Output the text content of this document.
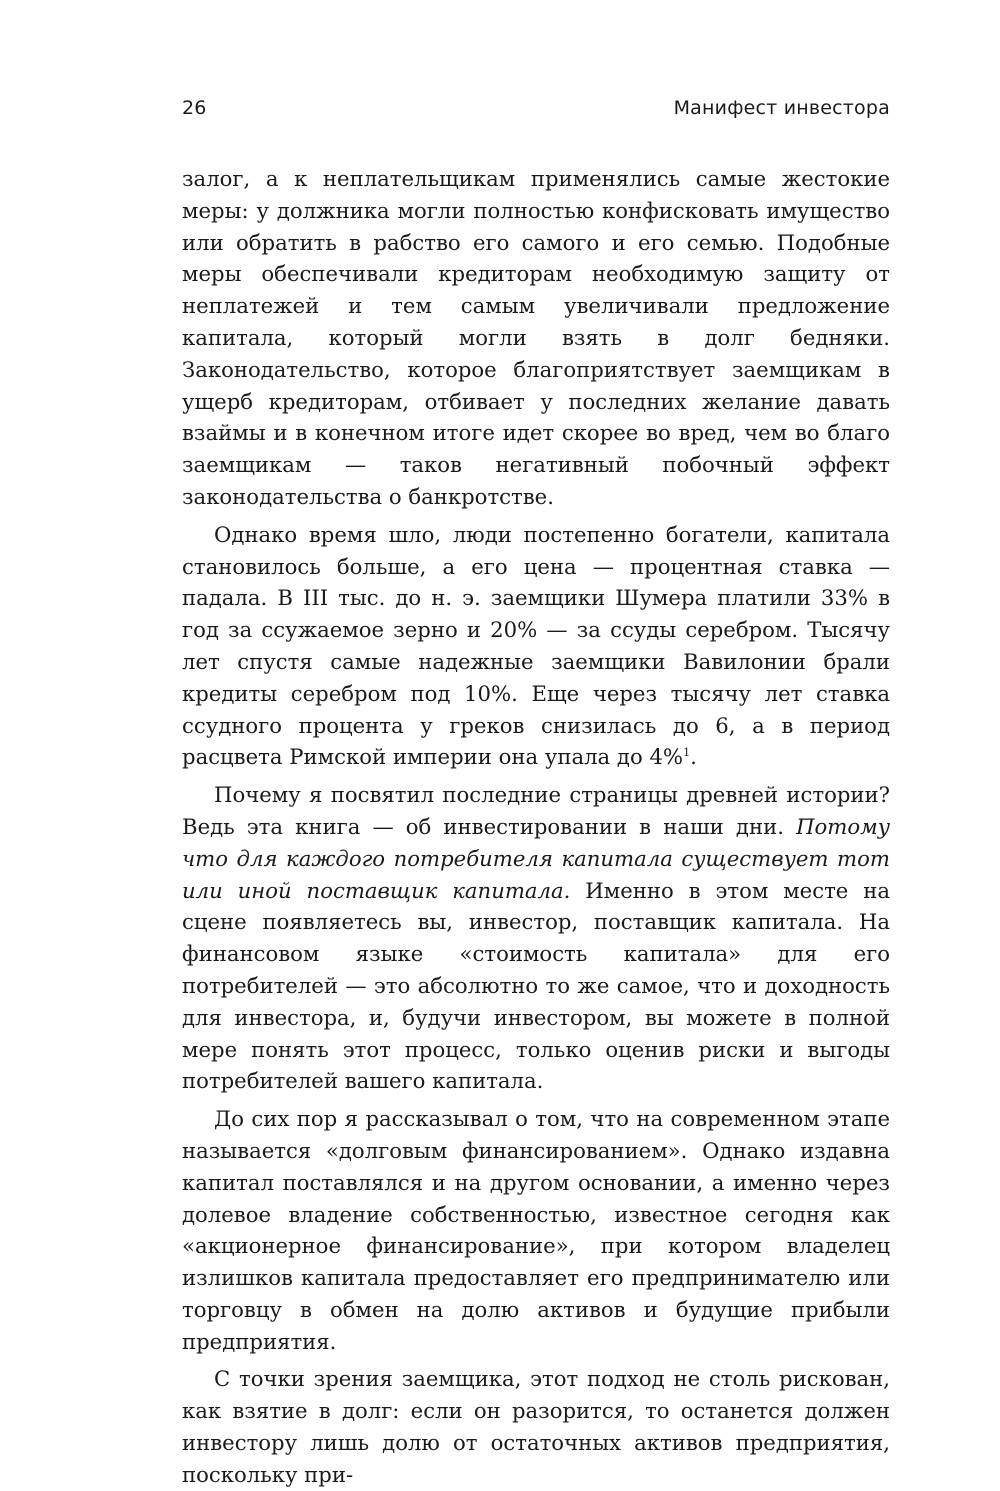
26	Манифест инвестора

залог, а к неплательщикам применялись самые жестокие меры: у должника могли полностью конфисковать имущество или обратить в рабство его самого и его семью. Подобные меры обеспечивали кредиторам необходимую защиту от неплатежей и тем самым увеличивали предложение капитала, который могли взять в долг бедняки. Законодательство, которое благоприятствует заемщикам в ущерб кредиторам, отбивает у последних желание давать взаймы и в конечном итоге идет скорее во вред, чем во благо заемщикам — таков негативный побочный эффект законодательства о банкротстве.

Однако время шло, люди постепенно богатели, капитала становилось больше, а его цена — процентная ставка — падала. В III тыс. до н. э. заемщики Шумера платили 33% в год за ссужаемое зерно и 20% — за ссуды серебром. Тысячу лет спустя самые надежные заемщики Вавилонии брали кредиты серебром под 10%. Еще через тысячу лет ставка ссудного процента у греков снизилась до 6, а в период расцвета Римской империи она упала до 4%$^1$.

Почему я посвятил последние страницы древней истории? Ведь эта книга — об инвестировании в наши дни. Потому что для каждого потребителя капитала существует тот или иной поставщик капитала. Именно в этом месте на сцене появляетесь вы, инвестор, поставщик капитала. На финансовом языке «стоимость капитала» для его потребителей — это абсолютно то же самое, что и доходность для инвестора, и, будучи инвестором, вы можете в полной мере понять этот процесс, только оценив риски и выгоды потребителей вашего капитала.

До сих пор я рассказывал о том, что на современном этапе называется «долговым финансированием». Однако издавна капитал поставлялся и на другом основании, а именно через долевое владение собственностью, известное сегодня как «акционерное финансирование», при котором владелец излишков капитала предоставляет его предпринимателю или торговцу в обмен на долю активов и будущие прибыли предприятия.

С точки зрения заемщика, этот подход не столь рискован, как взятие в долг: если он разорится, то останется должен инвестору лишь долю от остаточных активов предприятия, поскольку при-
